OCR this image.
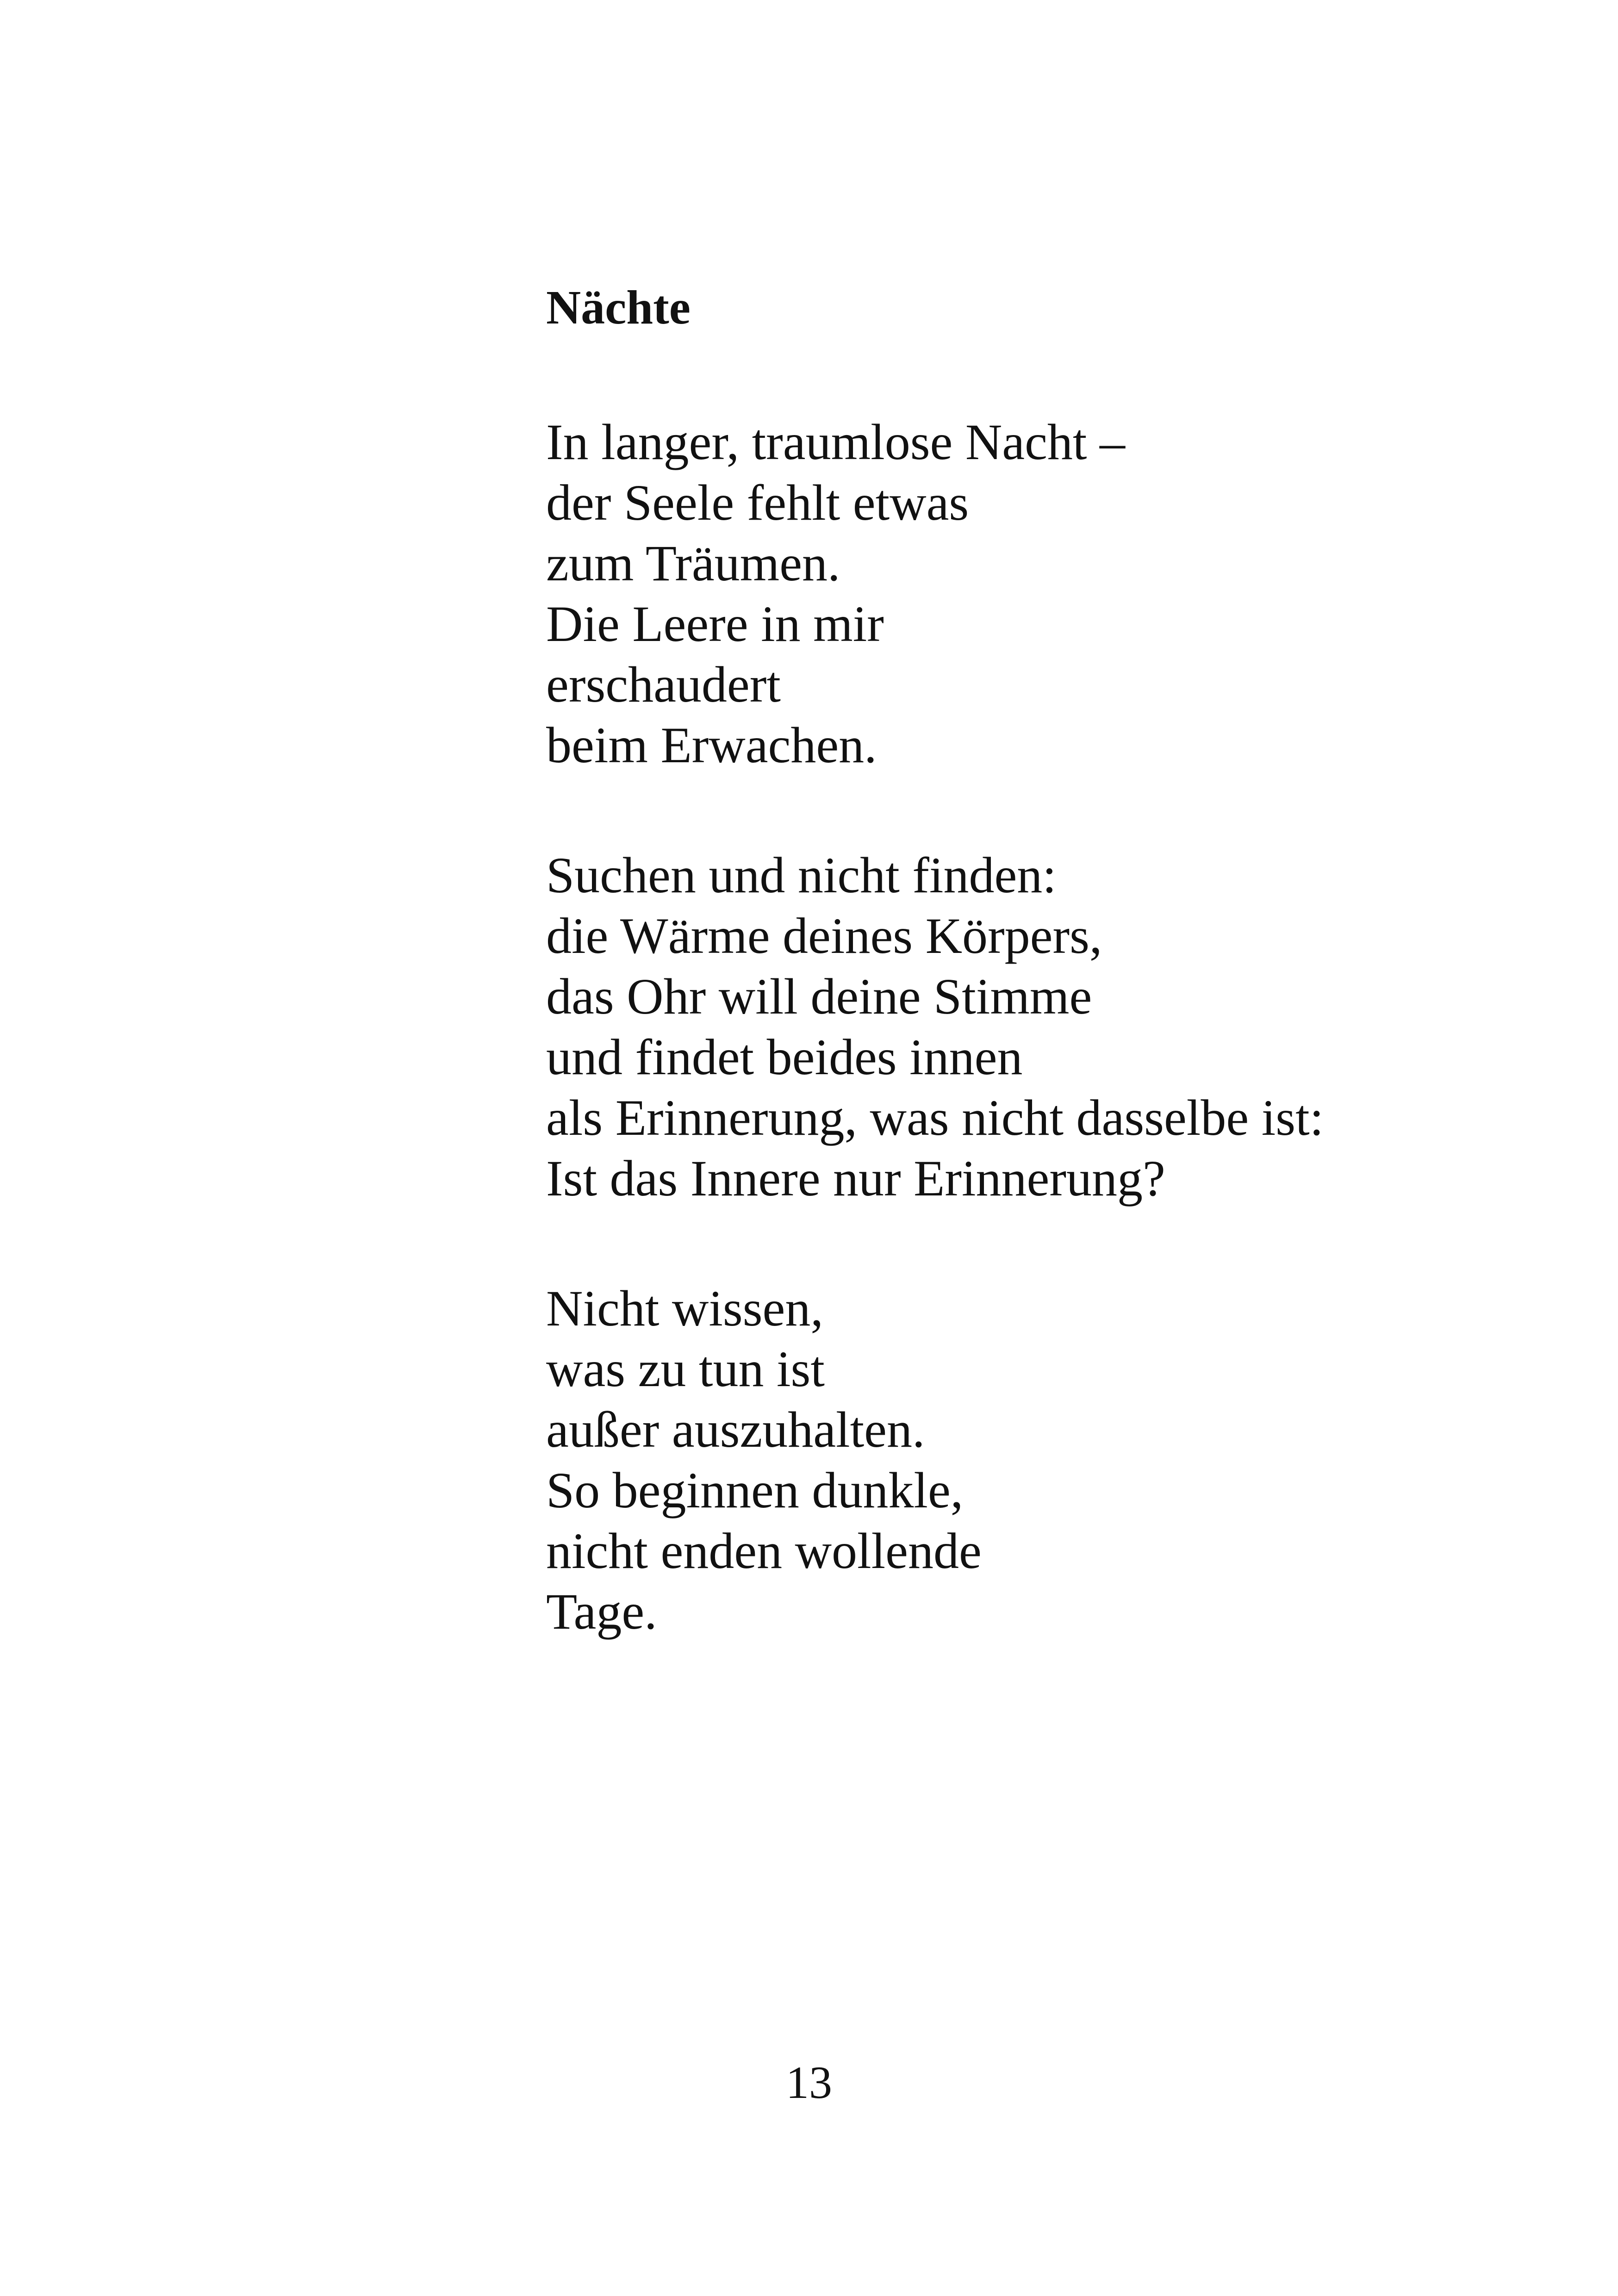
Nächte
In langer, traumlose Nacht –
der Seele fehlt etwas
zum Träumen.
Die Leere in mir
erschaudert
beim Erwachen.
Suchen und nicht finden:
die Wärme deines Körpers,
das Ohr will deine Stimme
und findet beides innen
als Erinnerung, was nicht dasselbe ist:
Ist das Innere nur Erinnerung?
Nicht wissen,
was zu tun ist
außer auszuhalten.
So beginnen dunkle,
nicht enden wollende
Tage.

13
